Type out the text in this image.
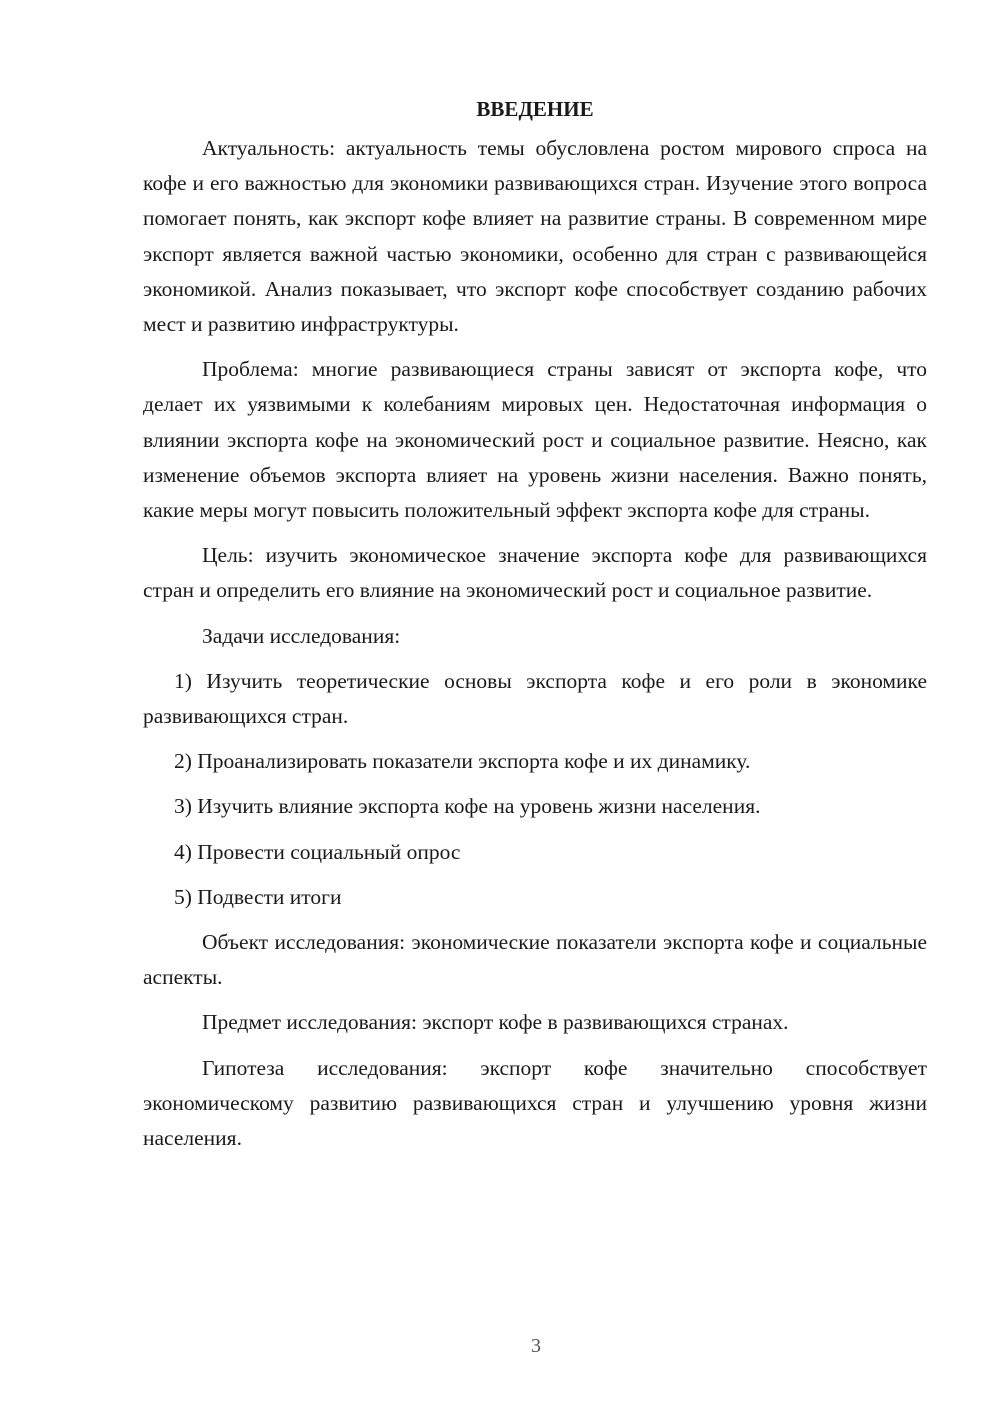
ВВЕДЕНИЕ

Актуальность: актуальность темы обусловлена ростом мирового спроса на кофе и его важностью для экономики развивающихся стран. Изучение этого вопроса помогает понять, как экспорт кофе влияет на развитие страны. В современном мире экспорт является важной частью экономики, особенно для стран с развивающейся экономикой. Анализ показывает, что экспорт кофе способствует созданию рабочих мест и развитию инфраструктуры.

Проблема: многие развивающиеся страны зависят от экспорта кофе, что делает их уязвимыми к колебаниям мировых цен. Недостаточная информация о влиянии экспорта кофе на экономический рост и социальное развитие. Неясно, как изменение объемов экспорта влияет на уровень жизни населения. Важно понять, какие меры могут повысить положительный эффект экспорта кофе для страны.

Цель: изучить экономическое значение экспорта кофе для развивающихся стран и определить его влияние на экономический рост и социальное развитие.

Задачи исследования:

1) Изучить теоретические основы экспорта кофе и его роли в экономике развивающихся стран.

2) Проанализировать показатели экспорта кофе и их динамику.

3) Изучить влияние экспорта кофе на уровень жизни населения.

4) Провести социальный опрос

5) Подвести итоги

Объект исследования: экономические показатели экспорта кофе и социальные аспекты.

Предмет исследования: экспорт кофе в развивающихся странах.

Гипотеза исследования: экспорт кофе значительно способствует экономическому развитию развивающихся стран и улучшению уровня жизни населения.

3
